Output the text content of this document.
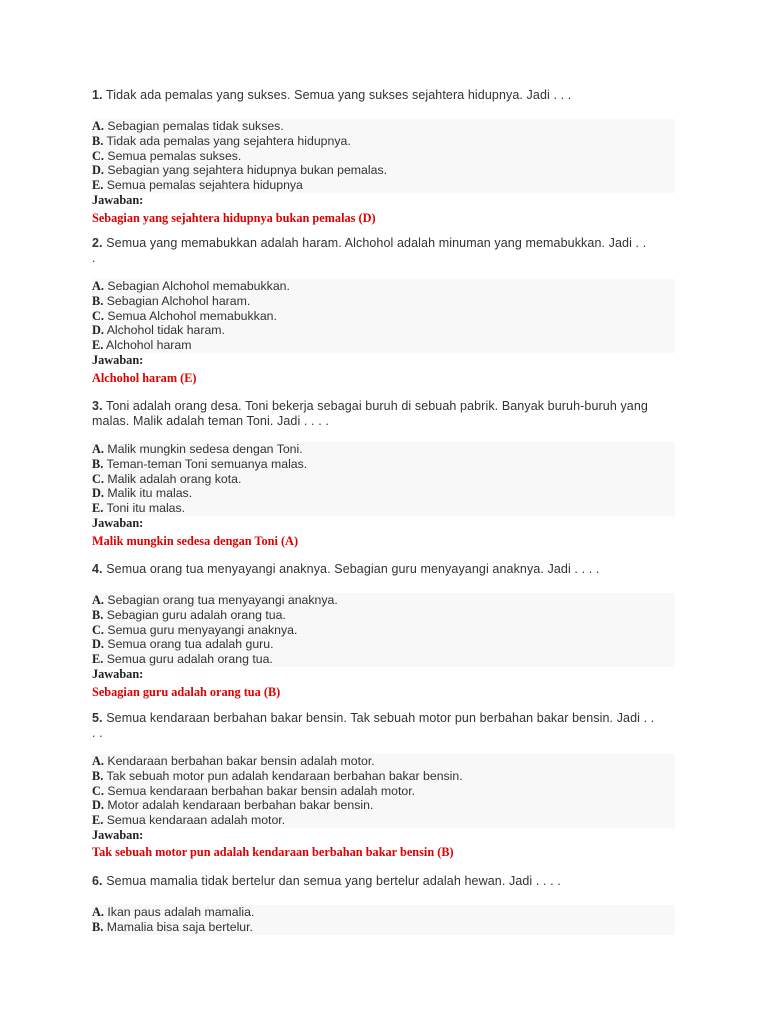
1. Tidak ada pemalas yang sukses. Semua yang sukses sejahtera hidupnya. Jadi . . .

A. Sebagian pemalas tidak sukses.
B. Tidak ada pemalas yang sejahtera hidupnya.
C. Semua pemalas sukses.
D. Sebagian yang sejahtera hidupnya bukan pemalas.
E. Semua pemalas sejahtera hidupnya
Jawaban:
Sebagian yang sejahtera hidupnya bukan pemalas (D)

2. Semua yang memabukkan adalah haram. Alchohol adalah minuman yang memabukkan. Jadi . . .

A. Sebagian Alchohol memabukkan.
B. Sebagian Alchohol haram.
C. Semua Alchohol memabukkan.
D. Alchohol tidak haram.
E. Alchohol haram
Jawaban:
Alchohol haram (E)

3. Toni adalah orang desa. Toni bekerja sebagai buruh di sebuah pabrik. Banyak buruh-buruh yang malas. Malik adalah teman Toni. Jadi . . . .

A. Malik mungkin sedesa dengan Toni.
B. Teman-teman Toni semuanya malas.
C. Malik adalah orang kota.
D. Malik itu malas.
E. Toni itu malas.
Jawaban:
Malik mungkin sedesa dengan Toni (A)

4. Semua orang tua menyayangi anaknya. Sebagian guru menyayangi anaknya. Jadi . . . .

A. Sebagian orang tua menyayangi anaknya.
B. Sebagian guru adalah orang tua.
C. Semua guru menyayangi anaknya.
D. Semua orang tua adalah guru.
E. Semua guru adalah orang tua.
Jawaban:
Sebagian guru adalah orang tua (B)

5. Semua kendaraan berbahan bakar bensin. Tak sebuah motor pun berbahan bakar bensin. Jadi . . . .

A. Kendaraan berbahan bakar bensin adalah motor.
B. Tak sebuah motor pun adalah kendaraan berbahan bakar bensin.
C. Semua kendaraan berbahan bakar bensin adalah motor.
D. Motor adalah kendaraan berbahan bakar bensin.
E. Semua kendaraan adalah motor.
Jawaban:
Tak sebuah motor pun adalah kendaraan berbahan bakar bensin (B)

6. Semua mamalia tidak bertelur dan semua yang bertelur adalah hewan. Jadi . . . .

A. Ikan paus adalah mamalia.
B. Mamalia bisa saja bertelur.
